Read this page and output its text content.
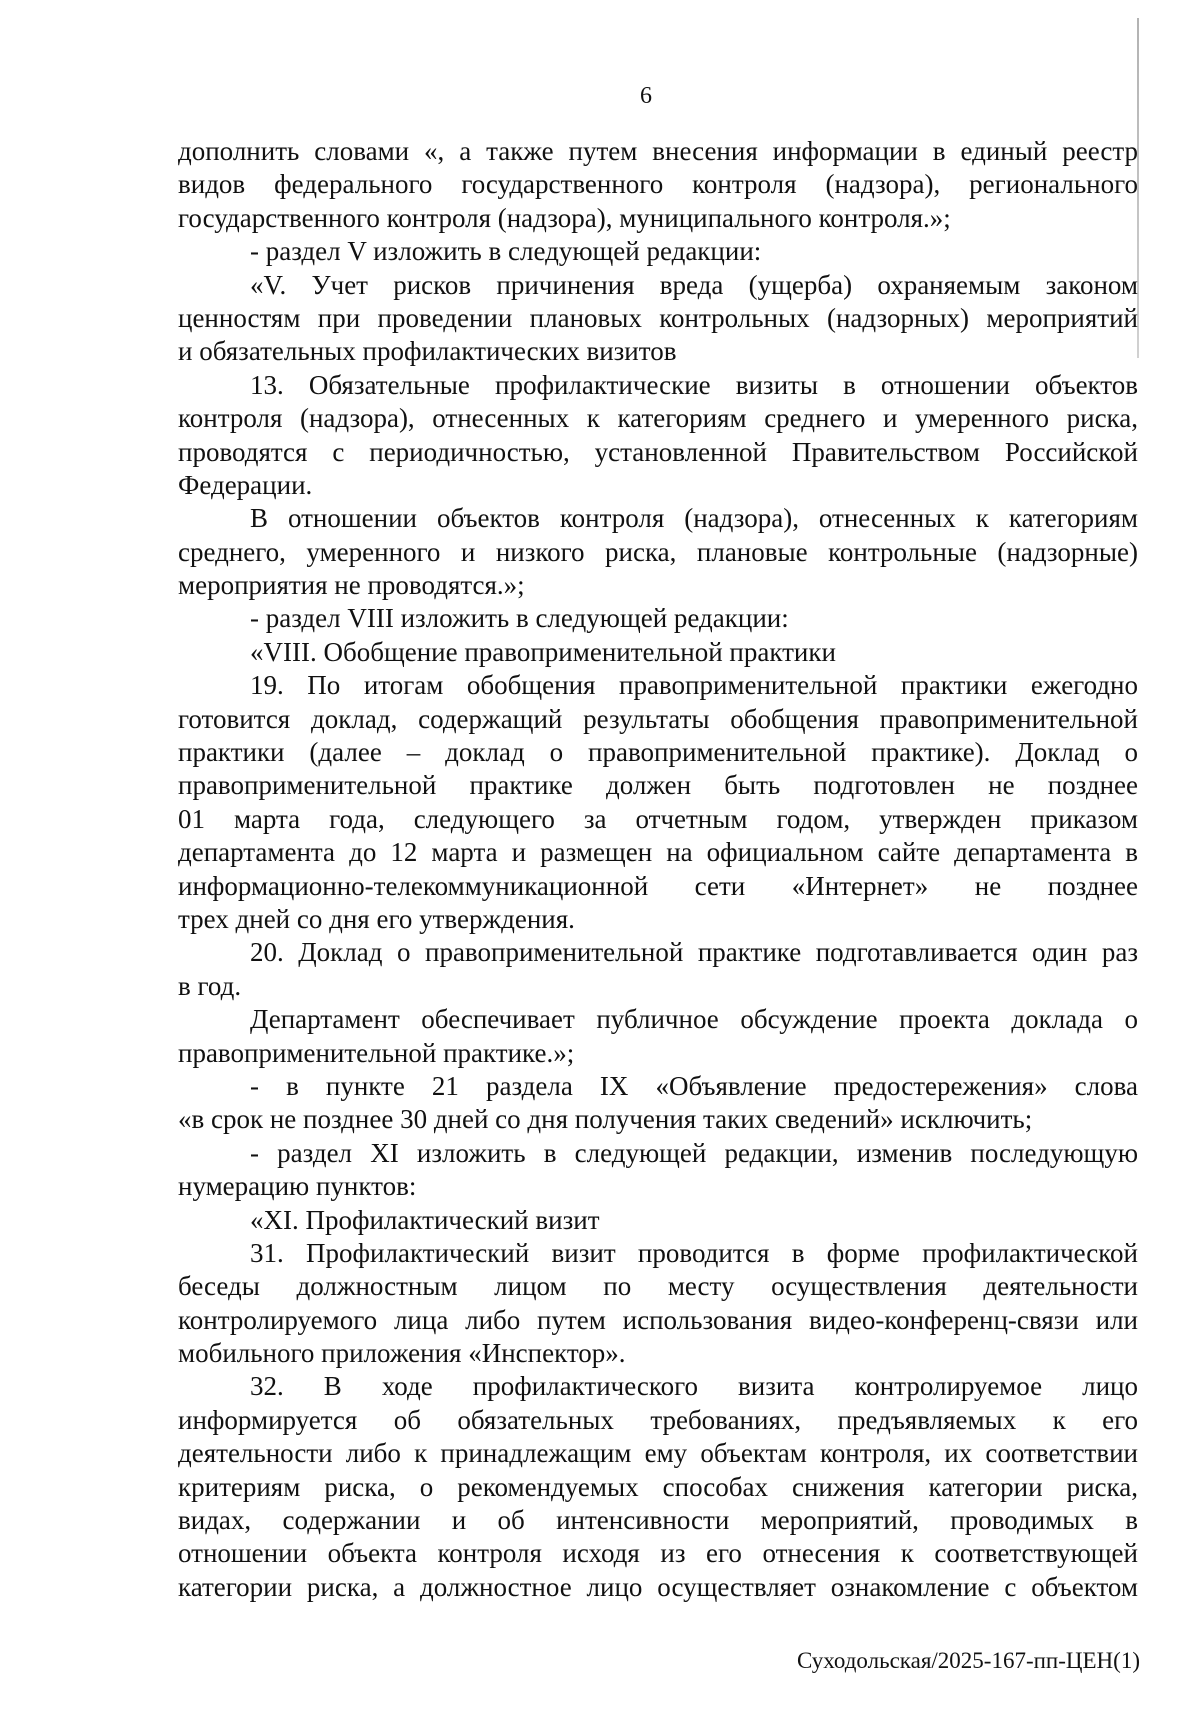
6
дополнить словами «, а также путем внесения информации в единый реестр
видов федерального государственного контроля (надзора), регионального
государственного контроля (надзора), муниципального контроля.»;
- раздел V изложить в следующей редакции:
«V. Учет рисков причинения вреда (ущерба) охраняемым законом
ценностям при проведении плановых контрольных (надзорных) мероприятий
и обязательных профилактических визитов
13. Обязательные профилактические визиты в отношении объектов
контроля (надзора), отнесенных к категориям среднего и умеренного риска,
проводятся с периодичностью, установленной Правительством Российской
Федерации.
В отношении объектов контроля (надзора), отнесенных к категориям
среднего, умеренного и низкого риска, плановые контрольные (надзорные)
мероприятия не проводятся.»;
- раздел VIII изложить в следующей редакции:
«VIII. Обобщение правоприменительной практики
19. По итогам обобщения правоприменительной практики ежегодно
готовится доклад, содержащий результаты обобщения правоприменительной
практики (далее – доклад о правоприменительной практике). Доклад о
правоприменительной практике должен быть подготовлен не позднее
01 марта года, следующего за отчетным годом, утвержден приказом
департамента до 12 марта и размещен на официальном сайте департамента в
информационно-телекоммуникационной сети «Интернет» не позднее
трех дней со дня его утверждения.
20. Доклад о правоприменительной практике подготавливается один раз
в год.
Департамент обеспечивает публичное обсуждение проекта доклада о
правоприменительной практике.»;
- в пункте 21 раздела IX «Объявление предостережения» слова
«в срок не позднее 30 дней со дня получения таких сведений» исключить;
- раздел XI изложить в следующей редакции, изменив последующую
нумерацию пунктов:
«XI. Профилактический визит
31. Профилактический визит проводится в форме профилактической
беседы должностным лицом по месту осуществления деятельности
контролируемого лица либо путем использования видео-конференц-связи или
мобильного приложения «Инспектор».
32. В ходе профилактического визита контролируемое лицо
информируется об обязательных требованиях, предъявляемых к его
деятельности либо к принадлежащим ему объектам контроля, их соответствии
критериям риска, о рекомендуемых способах снижения категории риска,
видах, содержании и об интенсивности мероприятий, проводимых в
отношении объекта контроля исходя из его отнесения к соответствующей
категории риска, а должностное лицо осуществляет ознакомление с объектом
Суходольская/2025-167-пп-ЦЕН(1)
